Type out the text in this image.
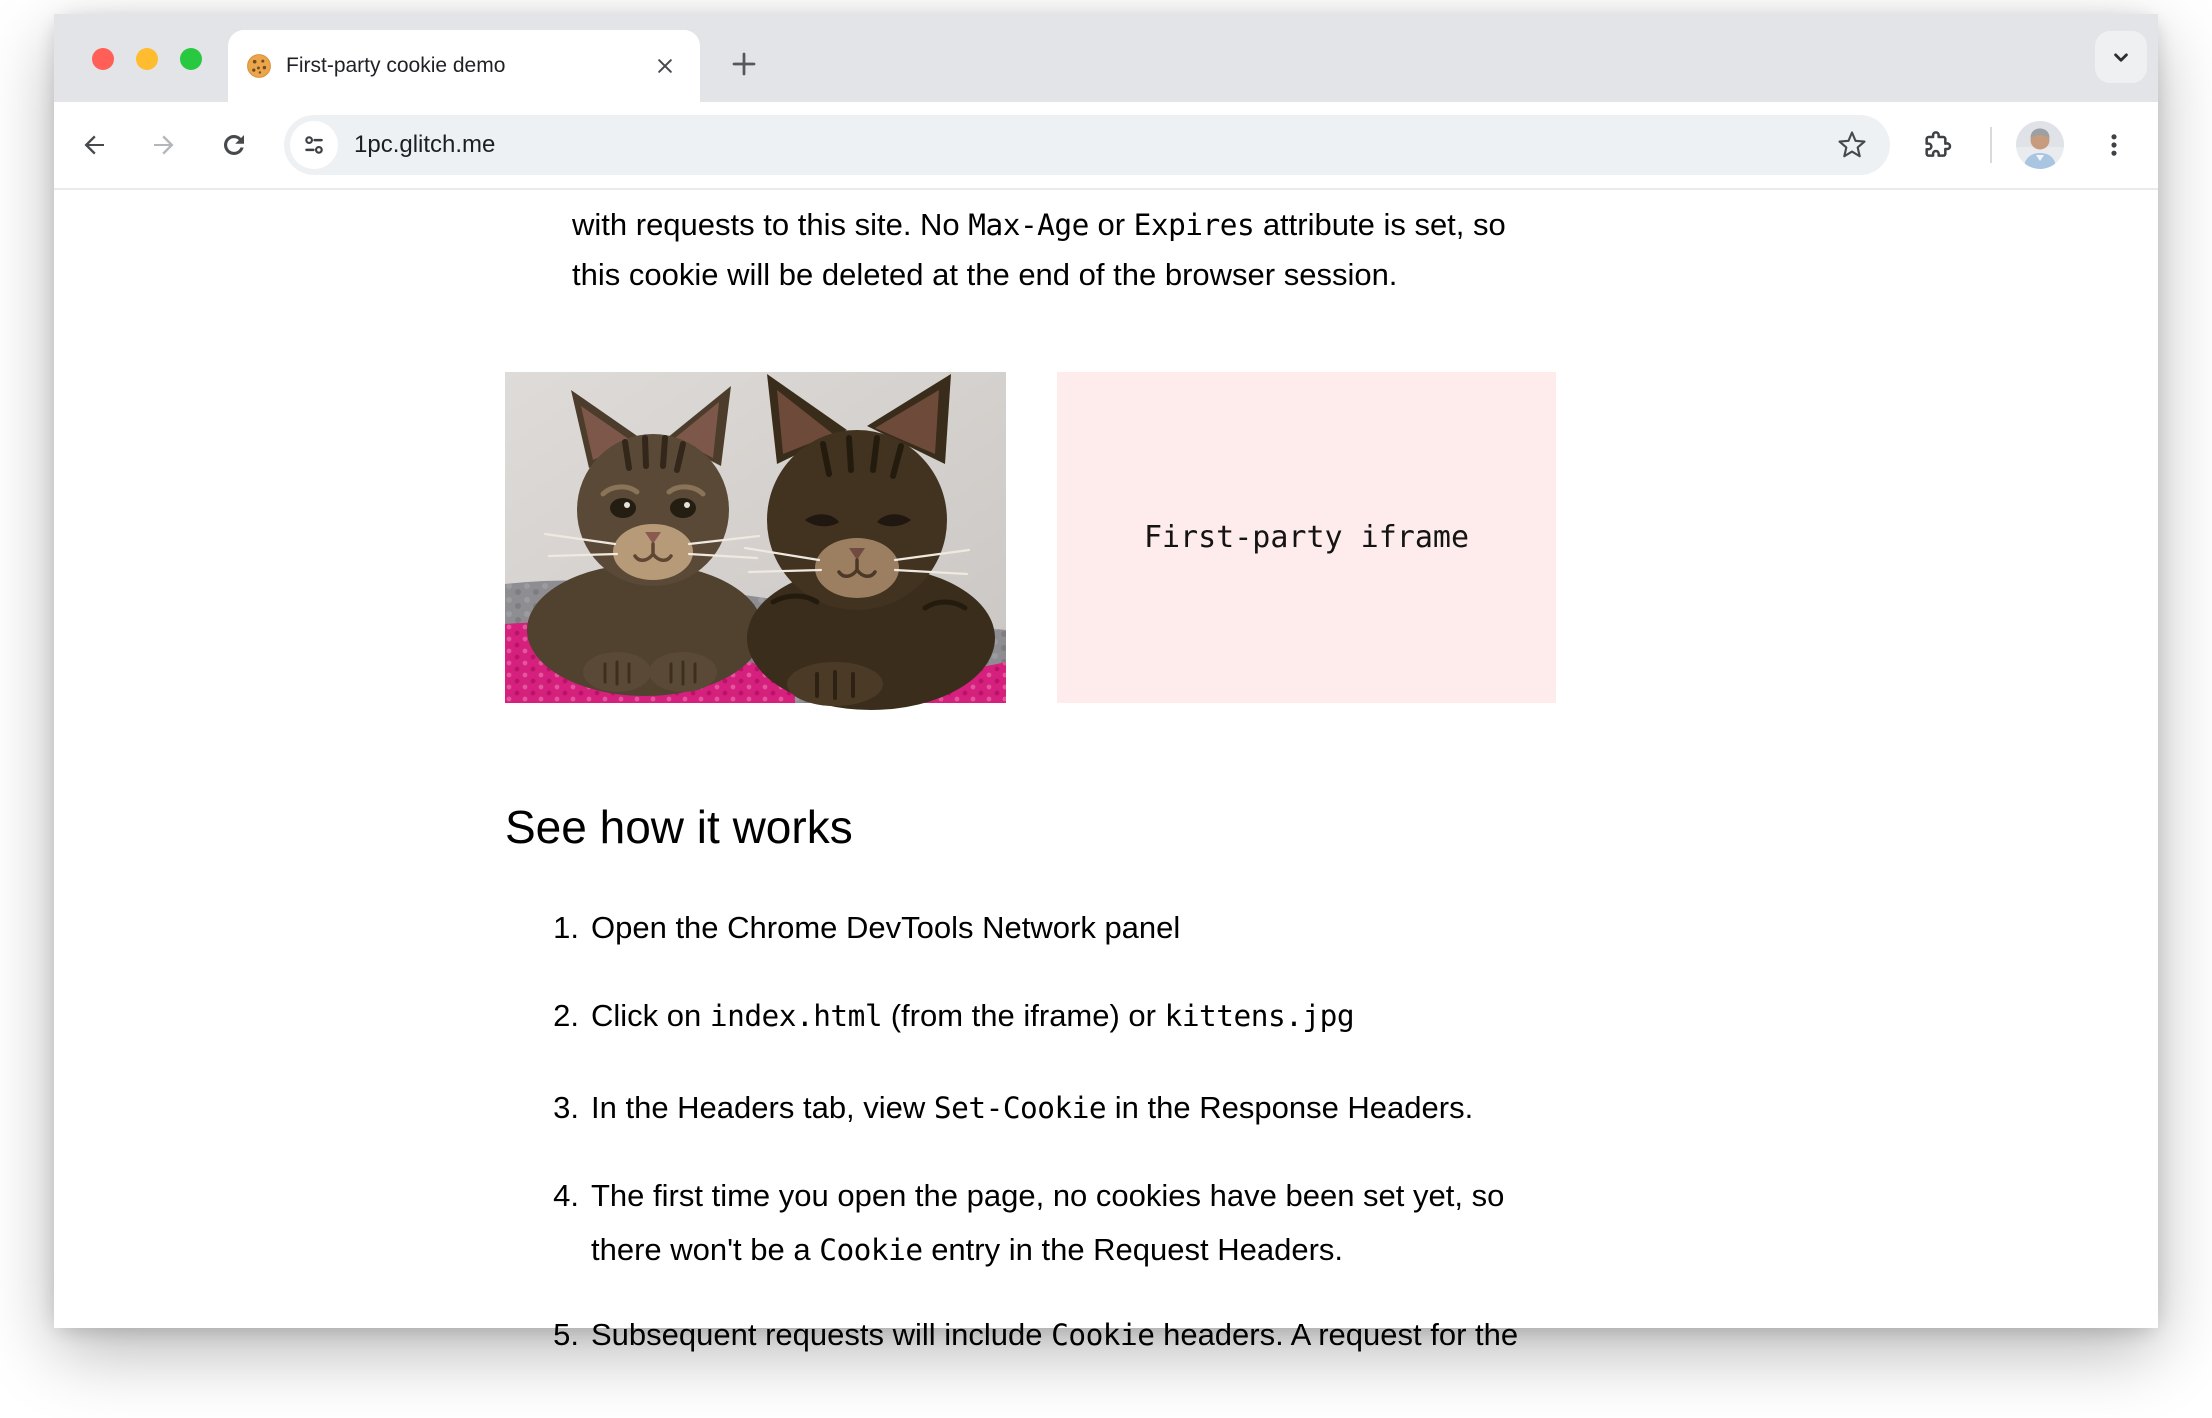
First-party cookie demo
1pc.glitch.me

with requests to this site. No Max-Age or Expires attribute is set, so
this cookie will be deleted at the end of the browser session.

First-party iframe
See how it works
1. Open the Chrome DevTools Network panel
2. Click on index.html (from the iframe) or kittens.jpg
3. In the Headers tab, view Set-Cookie in the Response Headers.
4. The first time you open the page, no cookies have been set yet, so
there won't be a Cookie entry in the Request Headers.
5. Subsequent requests will include Cookie headers. A request for the
